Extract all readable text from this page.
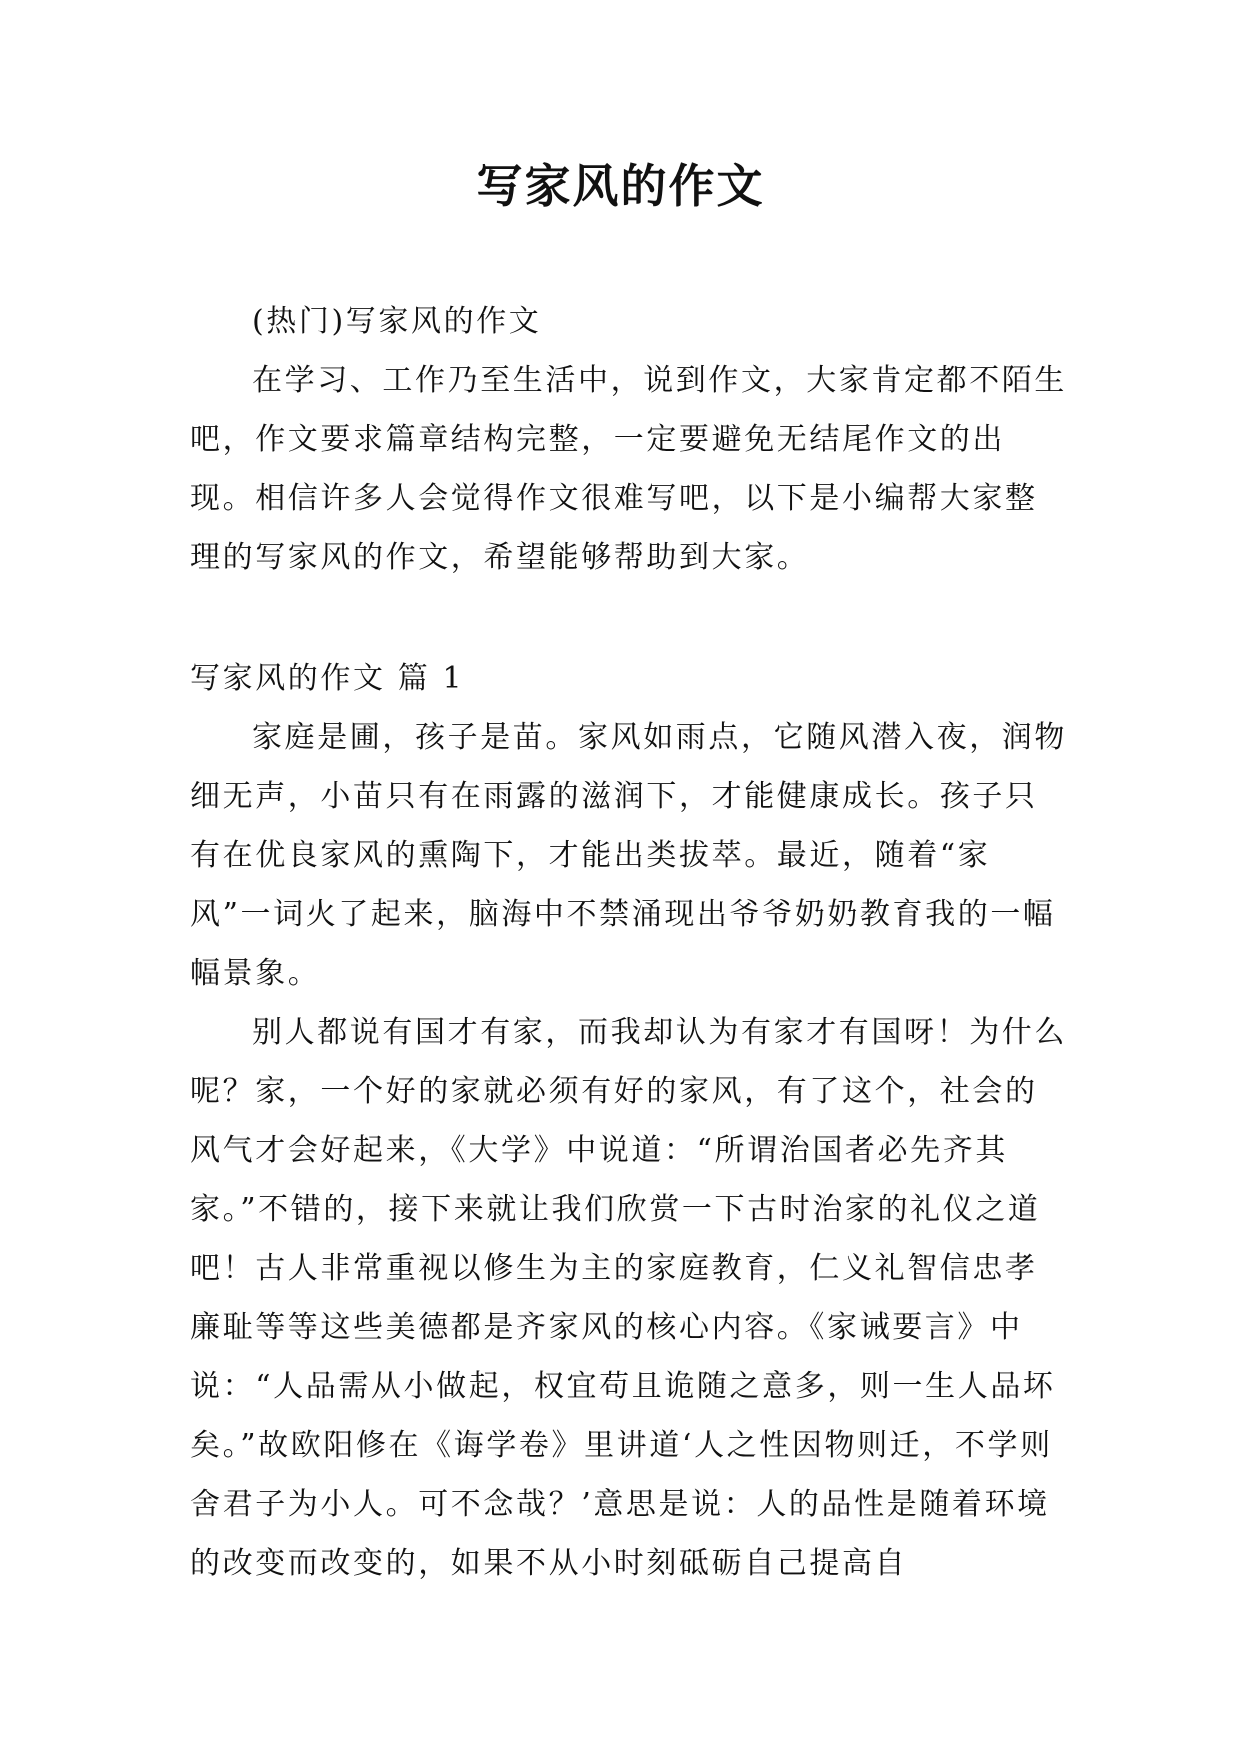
写家风的作文

(热门)写家风的作文

在学习、工作乃至生活中，说到作文，大家肯定都不陌生吧，作文要求篇章结构完整，一定要避免无结尾作文的出现。相信许多人会觉得作文很难写吧，以下是小编帮大家整理的写家风的作文，希望能够帮助到大家。

写家风的作文 篇 1

家庭是圃，孩子是苗。家风如雨点，它随风潜入夜，润物细无声，小苗只有在雨露的滋润下，才能健康成长。孩子只有在优良家风的熏陶下，才能出类拔萃。最近，随着“家风”一词火了起来，脑海中不禁涌现出爷爷奶奶教育我的一幅幅景象。

别人都说有国才有家，而我却认为有家才有国呀！为什么呢？家，一个好的家就必须有好的家风，有了这个，社会的风气才会好起来，《大学》中说道：“所谓治国者必先齐其家。”不错的，接下来就让我们欣赏一下古时治家的礼仪之道吧！古人非常重视以修生为主的家庭教育，仁义礼智信忠孝廉耻等等这些美德都是齐家风的核心内容。《家诫要言》中说：“人品需从小做起，权宜苟且诡随之意多，则一生人品坏矣。”故欧阳修在《诲学卷》里讲道‘人之性因物则迁，不学则舍君子为小人。可不念哉？’意思是说：人的品性是随着环境的改变而改变的，如果不从小时刻砥砺自己提高自
